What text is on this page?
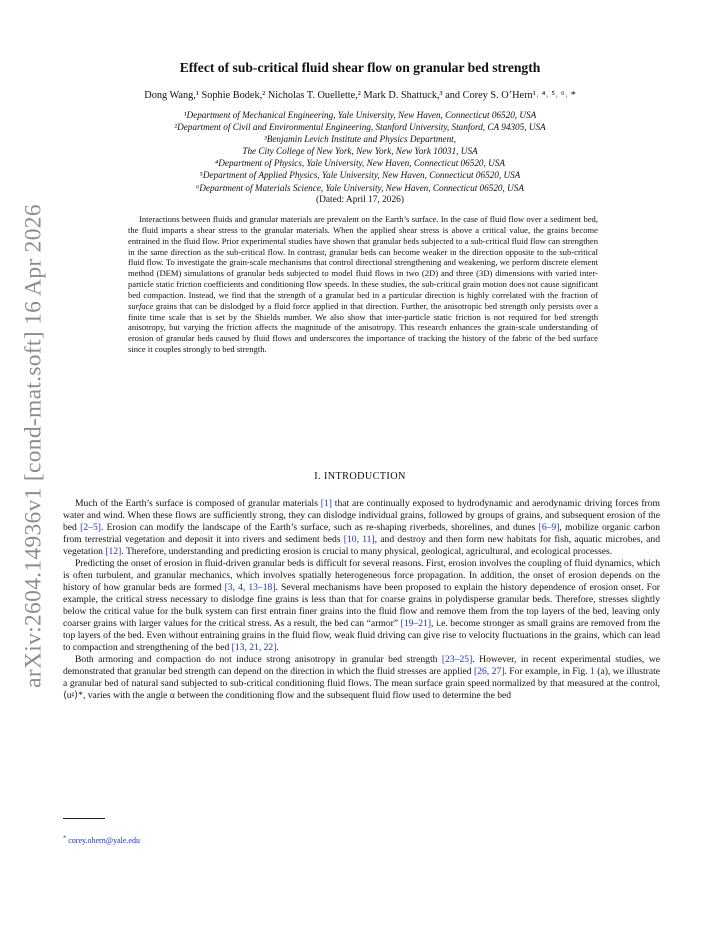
arXiv:2604.14936v1 [cond-mat.soft] 16 Apr 2026
Effect of sub-critical fluid shear flow on granular bed strength
Dong Wang,¹ Sophie Bodek,² Nicholas T. Ouellette,² Mark D. Shattuck,³ and Corey S. O’Hern¹˒ ⁴˒ ⁵˒ ⁶˒ *
¹Department of Mechanical Engineering, Yale University, New Haven, Connecticut 06520, USA
²Department of Civil and Environmental Engineering, Stanford University, Stanford, CA 94305, USA
³Benjamin Levich Institute and Physics Department,
The City College of New York, New York, New York 10031, USA
⁴Department of Physics, Yale University, New Haven, Connecticut 06520, USA
⁵Department of Applied Physics, Yale University, New Haven, Connecticut 06520, USA
⁶Department of Materials Science, Yale University, New Haven, Connecticut 06520, USA
(Dated: April 17, 2026)

Interactions between fluids and granular materials are prevalent on the Earth’s surface. In the case of fluid flow over a sediment bed, the fluid imparts a shear stress to the granular materials. When the applied shear stress is above a critical value, the grains become entrained in the fluid flow. Prior experimental studies have shown that granular beds subjected to a sub-critical fluid flow can strengthen in the same direction as the sub-critical flow. In contrast, granular beds can become weaker in the direction opposite to the sub-critical fluid flow. To investigate the grain-scale mechanisms that control directional strengthening and weakening, we perform discrete element method (DEM) simulations of granular beds subjected to model fluid flows in two (2D) and three (3D) dimensions with varied inter-particle static friction coefficients and conditioning flow speeds. In these studies, the sub-critical grain motion does not cause significant bed compaction. Instead, we find that the strength of a granular bed in a particular direction is highly correlated with the fraction of surface grains that can be dislodged by a fluid force applied in that direction. Further, the anisotropic bed strength only persists over a finite time scale that is set by the Shields number. We also show that inter-particle static friction is not required for bed strength anisotropy, but varying the friction affects the magnitude of the anisotropy. This research enhances the grain-scale understanding of erosion of granular beds caused by fluid flows and underscores the importance of tracking the history of the fabric of the bed surface since it couples strongly to bed strength.

I. INTRODUCTION

Much of the Earth’s surface is composed of granular materials [1] that are continually exposed to hydrodynamic and aerodynamic driving forces from water and wind. When these flows are sufficiently strong, they can dislodge individual grains, followed by groups of grains, and subsequent erosion of the bed [2–5]. Erosion can modify the landscape of the Earth’s surface, such as re-shaping riverbeds, shorelines, and dunes [6–9], mobilize organic carbon from terrestrial vegetation and deposit it into rivers and sediment beds [10, 11], and destroy and then form new habitats for fish, aquatic microbes, and vegetation [12]. Therefore, understanding and predicting erosion is crucial to many physical, geological, agricultural, and ecological processes.

Predicting the onset of erosion in fluid-driven granular beds is difficult for several reasons. First, erosion involves the coupling of fluid dynamics, which is often turbulent, and granular mechanics, which involves spatially heterogeneous force propagation. In addition, the onset of erosion depends on the history of how granular beds are formed [3, 4, 13–18]. Several mechanisms have been proposed to explain the history dependence of erosion onset. For example, the critical stress necessary to dislodge fine grains is less than that for coarse grains in polydisperse granular beds. Therefore, stresses slightly below the critical value for the bulk system can first entrain finer grains into the fluid flow and remove them from the top layers of the bed, leaving only coarser grains with larger values for the critical stress. As a result, the bed can “armor” [19–21], i.e. become stronger as small grains are removed from the top layers of the bed. Even without entraining grains in the fluid flow, weak fluid driving can give rise to velocity fluctuations in the grains, which can lead to compaction and strengthening of the bed [13, 21, 22].

Both armoring and compaction do not induce strong anisotropy in granular bed strength [23–25]. However, in recent experimental studies, we demonstrated that granular bed strength can depend on the direction in which the fluid stresses are applied [26, 27]. For example, in Fig. 1 (a), we illustrate a granular bed of natural sand subjected to sub-critical conditioning fluid flows. The mean surface grain speed normalized by that measured at the control, ⟨uᵍ⟩*, varies with the angle α between the conditioning flow and the subsequent fluid flow used to determine the bed

* corey.ohern@yale.edu
